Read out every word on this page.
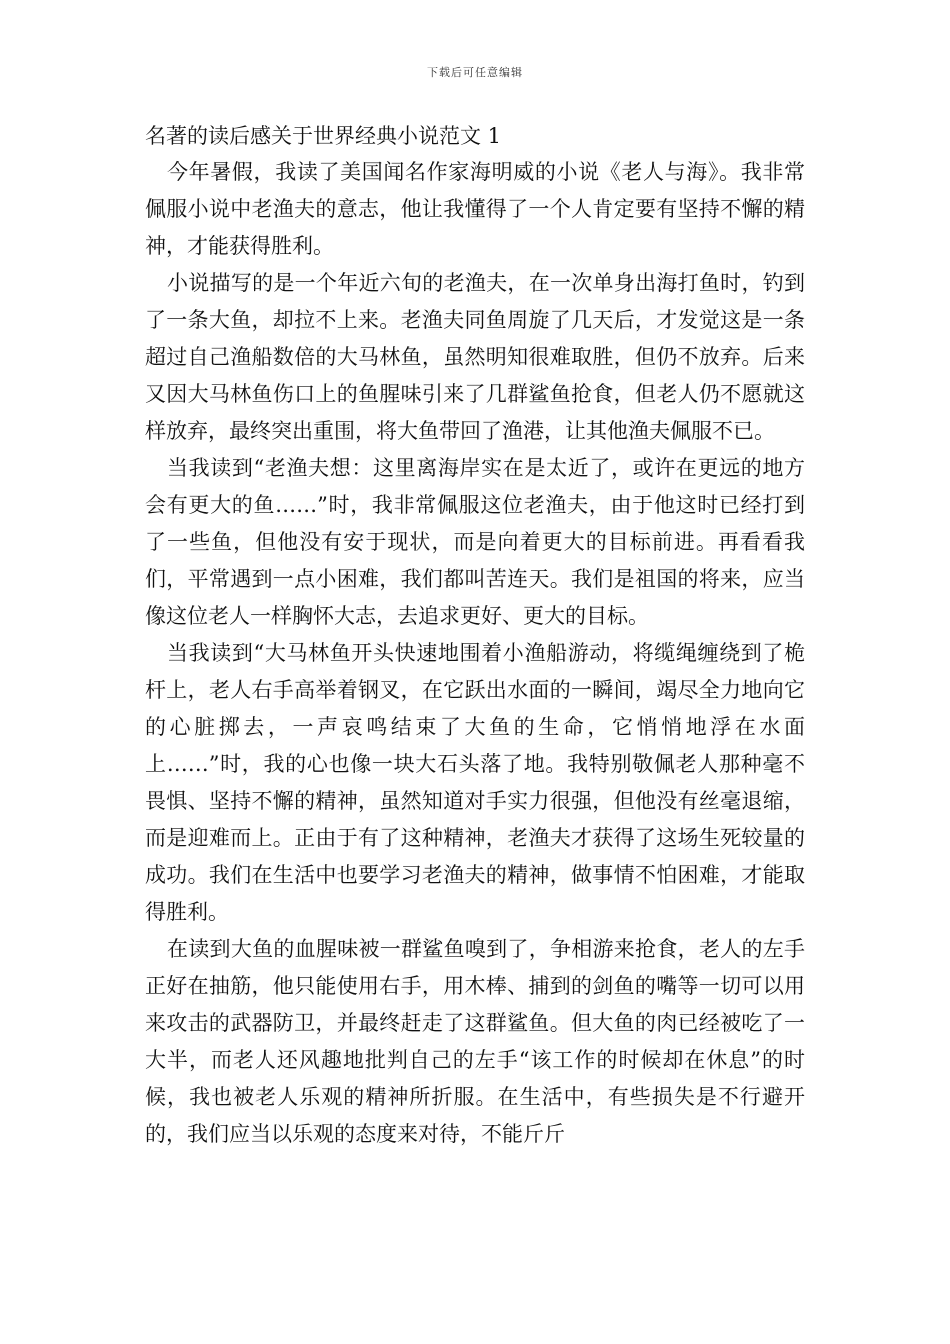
下载后可任意编辑
名著的读后感关于世界经典小说范文 1

今年暑假，我读了美国闻名作家海明威的小说《老人与海》。我非常佩服小说中老渔夫的意志，他让我懂得了一个人肯定要有坚持不懈的精神，才能获得胜利。

小说描写的是一个年近六旬的老渔夫，在一次单身出海打鱼时，钓到了一条大鱼，却拉不上来。老渔夫同鱼周旋了几天后，才发觉这是一条超过自己渔船数倍的大马林鱼，虽然明知很难取胜，但仍不放弃。后来又因大马林鱼伤口上的鱼腥味引来了几群鲨鱼抢食，但老人仍不愿就这样放弃，最终突出重围，将大鱼带回了渔港，让其他渔夫佩服不已。

当我读到“老渔夫想：这里离海岸实在是太近了，或许在更远的地方会有更大的鱼……”时，我非常佩服这位老渔夫，由于他这时已经打到了一些鱼，但他没有安于现状，而是向着更大的目标前进。再看看我们，平常遇到一点小困难，我们都叫苦连天。我们是祖国的将来，应当像这位老人一样胸怀大志，去追求更好、更大的目标。

当我读到“大马林鱼开头快速地围着小渔船游动，将缆绳缠绕到了桅杆上，老人右手高举着钢叉，在它跃出水面的一瞬间，竭尽全力地向它的心脏掷去，一声哀鸣结束了大鱼的生命，它悄悄地浮在水面上……”时，我的心也像一块大石头落了地。我特别敬佩老人那种毫不畏惧、坚持不懈的精神，虽然知道对手实力很强，但他没有丝毫退缩，而是迎难而上。正由于有了这种精神，老渔夫才获得了这场生死较量的成功。我们在生活中也要学习老渔夫的精神，做事情不怕困难，才能取得胜利。

在读到大鱼的血腥味被一群鲨鱼嗅到了，争相游来抢食，老人的左手正好在抽筋，他只能使用右手，用木棒、捕到的剑鱼的嘴等一切可以用来攻击的武器防卫，并最终赶走了这群鲨鱼。但大鱼的肉已经被吃了一大半，而老人还风趣地批判自己的左手“该工作的时候却在休息”的时候，我也被老人乐观的精神所折服。在生活中，有些损失是不行避开的，我们应当以乐观的态度来对待，不能斤斤
